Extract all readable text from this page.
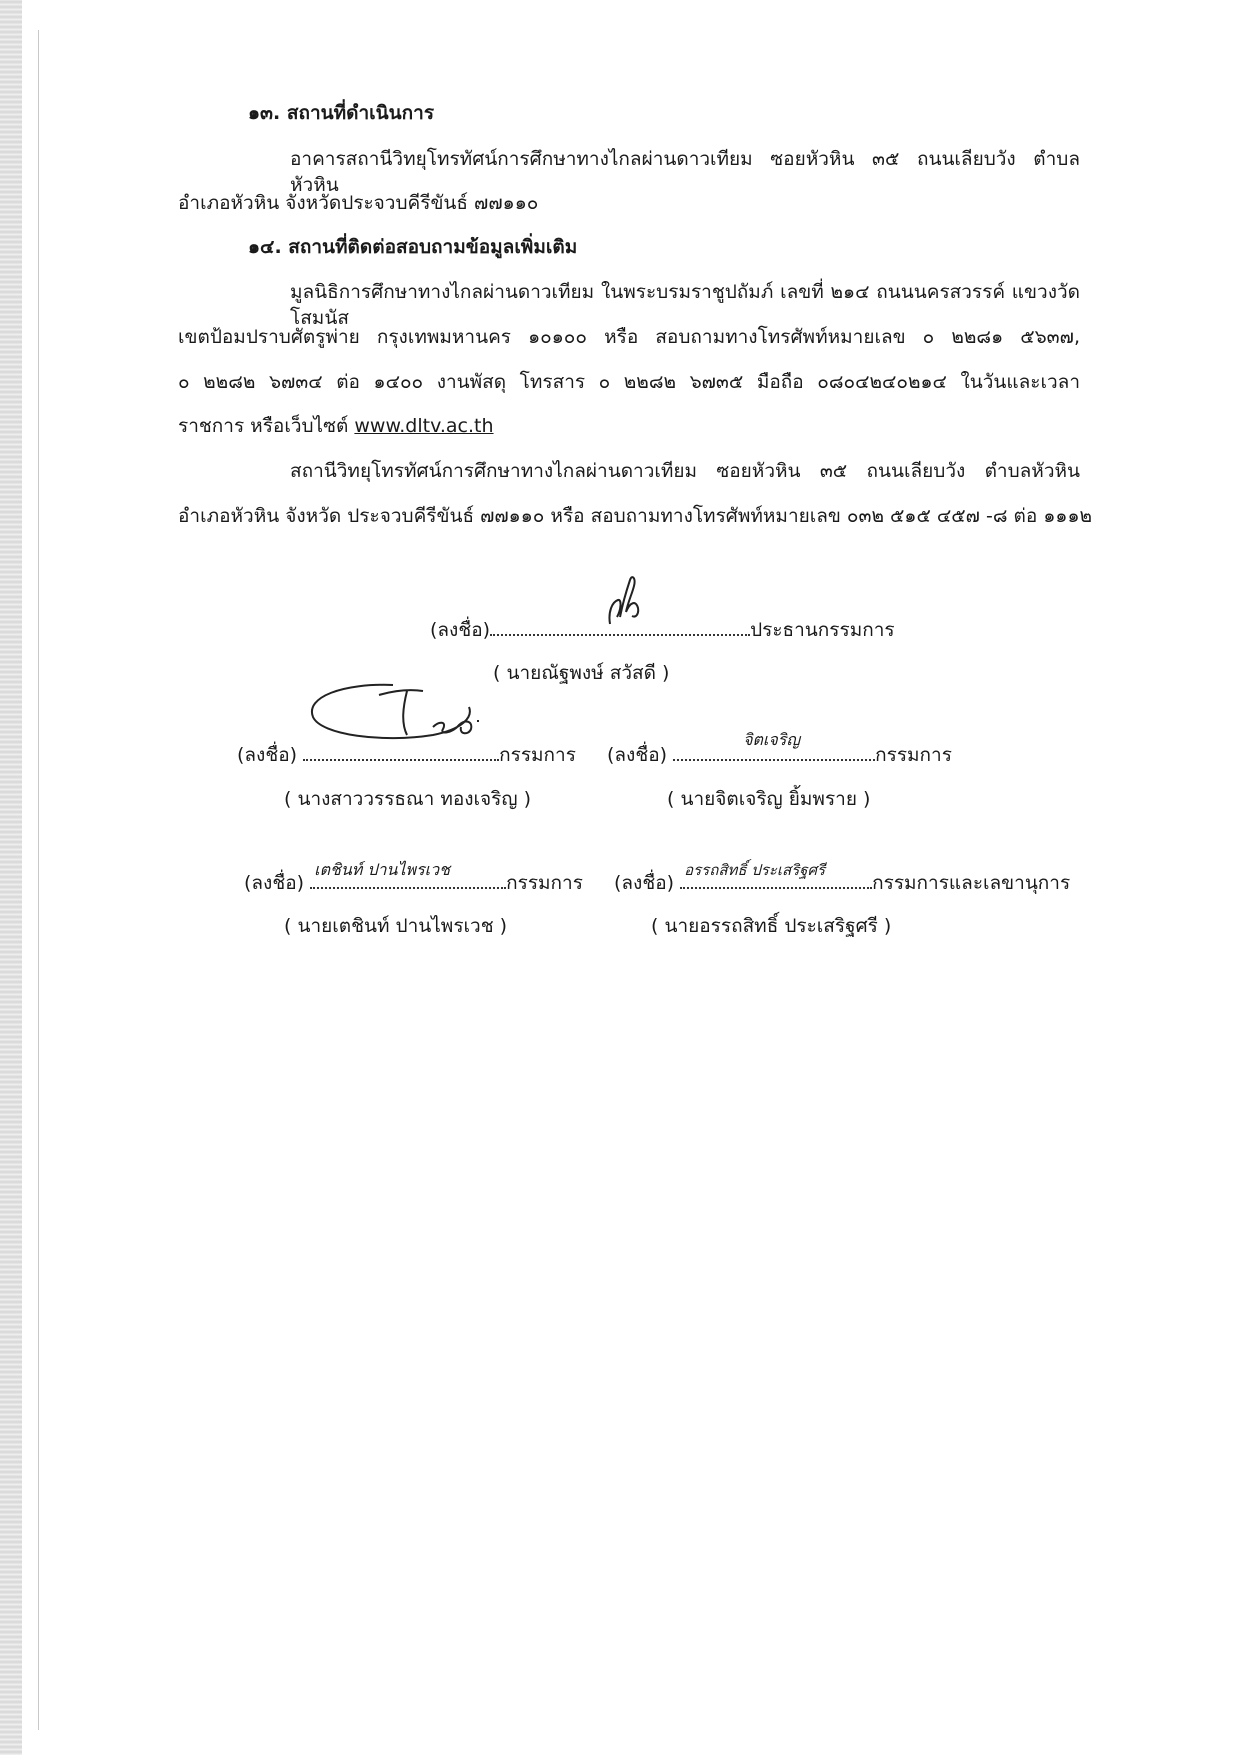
๑๓. สถานที่ดำเนินการ
อาคารสถานีวิทยุโทรทัศน์การศึกษาทางไกลผ่านดาวเทียม ซอยหัวหิน ๓๕ ถนนเลียบวัง ตำบลหัวหิน
อำเภอหัวหิน จังหวัดประจวบคีรีขันธ์ ๗๗๑๑๐
๑๔. สถานที่ติดต่อสอบถามข้อมูลเพิ่มเติม
มูลนิธิการศึกษาทางไกลผ่านดาวเทียม ในพระบรมราชูปถัมภ์ เลขที่ ๒๑๔ ถนนนครสวรรค์ แขวงวัดโสมนัส
เขตป้อมปราบศัตรูพ่าย กรุงเทพมหานคร ๑๐๑๐๐ หรือ สอบถามทางโทรศัพท์หมายเลข ๐ ๒๒๘๑ ๕๖๓๗,
๐ ๒๒๘๒ ๖๗๓๔ ต่อ ๑๔๐๐ งานพัสดุ โทรสาร ๐ ๒๒๘๒ ๖๗๓๕ มือถือ ๐๘๐๔๒๔๐๒๑๔ ในวันและเวลา
ราชการ หรือเว็บไซต์ www.dltv.ac.th
สถานีวิทยุโทรทัศน์การศึกษาทางไกลผ่านดาวเทียม ซอยหัวหิน ๓๕ ถนนเลียบวัง ตำบลหัวหิน
อำเภอหัวหิน จังหวัด ประจวบคีรีขันธ์ ๗๗๑๑๐ หรือ สอบถามทางโทรศัพท์หมายเลข ๐๓๒ ๕๑๕ ๔๕๗ -๘ ต่อ ๑๑๑๒
(ลงชื่อ)	ประธานกรรมการ
( นายณัฐพงษ์ สวัสดี )
(ลงชื่อ)	กรรมการ
( นางสาววรรธณา ทองเจริญ )
(ลงชื่อ)
จิตเจริญ
กรรมการ
( นายจิตเจริญ ยิ้มพราย )
(ลงชื่อ)
เตชินท์ ปานไพรเวช
กรรมการ
( นายเตชินท์ ปานไพรเวช )
(ลงชื่อ)
อรรถสิทธิ์ ประเสริฐศรี
กรรมการและเลขานุการ
( นายอรรถสิทธิ์ ประเสริฐศรี )
